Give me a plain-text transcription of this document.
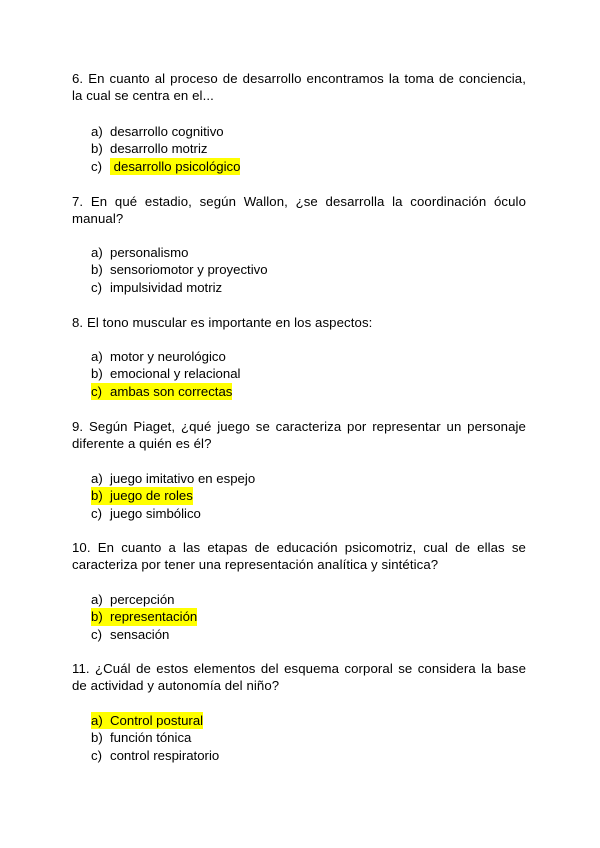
6. En cuanto al proceso de desarrollo encontramos la toma de conciencia, la cual se centra en el...
a) desarrollo cognitivo
b) desarrollo motriz
c) desarrollo psicológico
7. En qué estadio, según Wallon, ¿se desarrolla la coordinación óculo manual?
a) personalismo
b) sensoriomotor y proyectivo
c) impulsividad motriz
8. El tono muscular es importante en los aspectos:
a) motor y neurológico
b) emocional y relacional
c) ambas son correctas
9. Según Piaget, ¿qué juego se caracteriza por representar un personaje diferente a quién es él?
a) juego imitativo en espejo
b) juego de roles
c) juego simbólico
10. En cuanto a las etapas de educación psicomotriz, cual de ellas se caracteriza por tener una representación analítica y sintética?
a) percepción
b) representación
c) sensación
11. ¿Cuál de estos elementos del esquema corporal se considera la base de actividad y autonomía del niño?
a) Control postural
b) función tónica
c) control respiratorio
